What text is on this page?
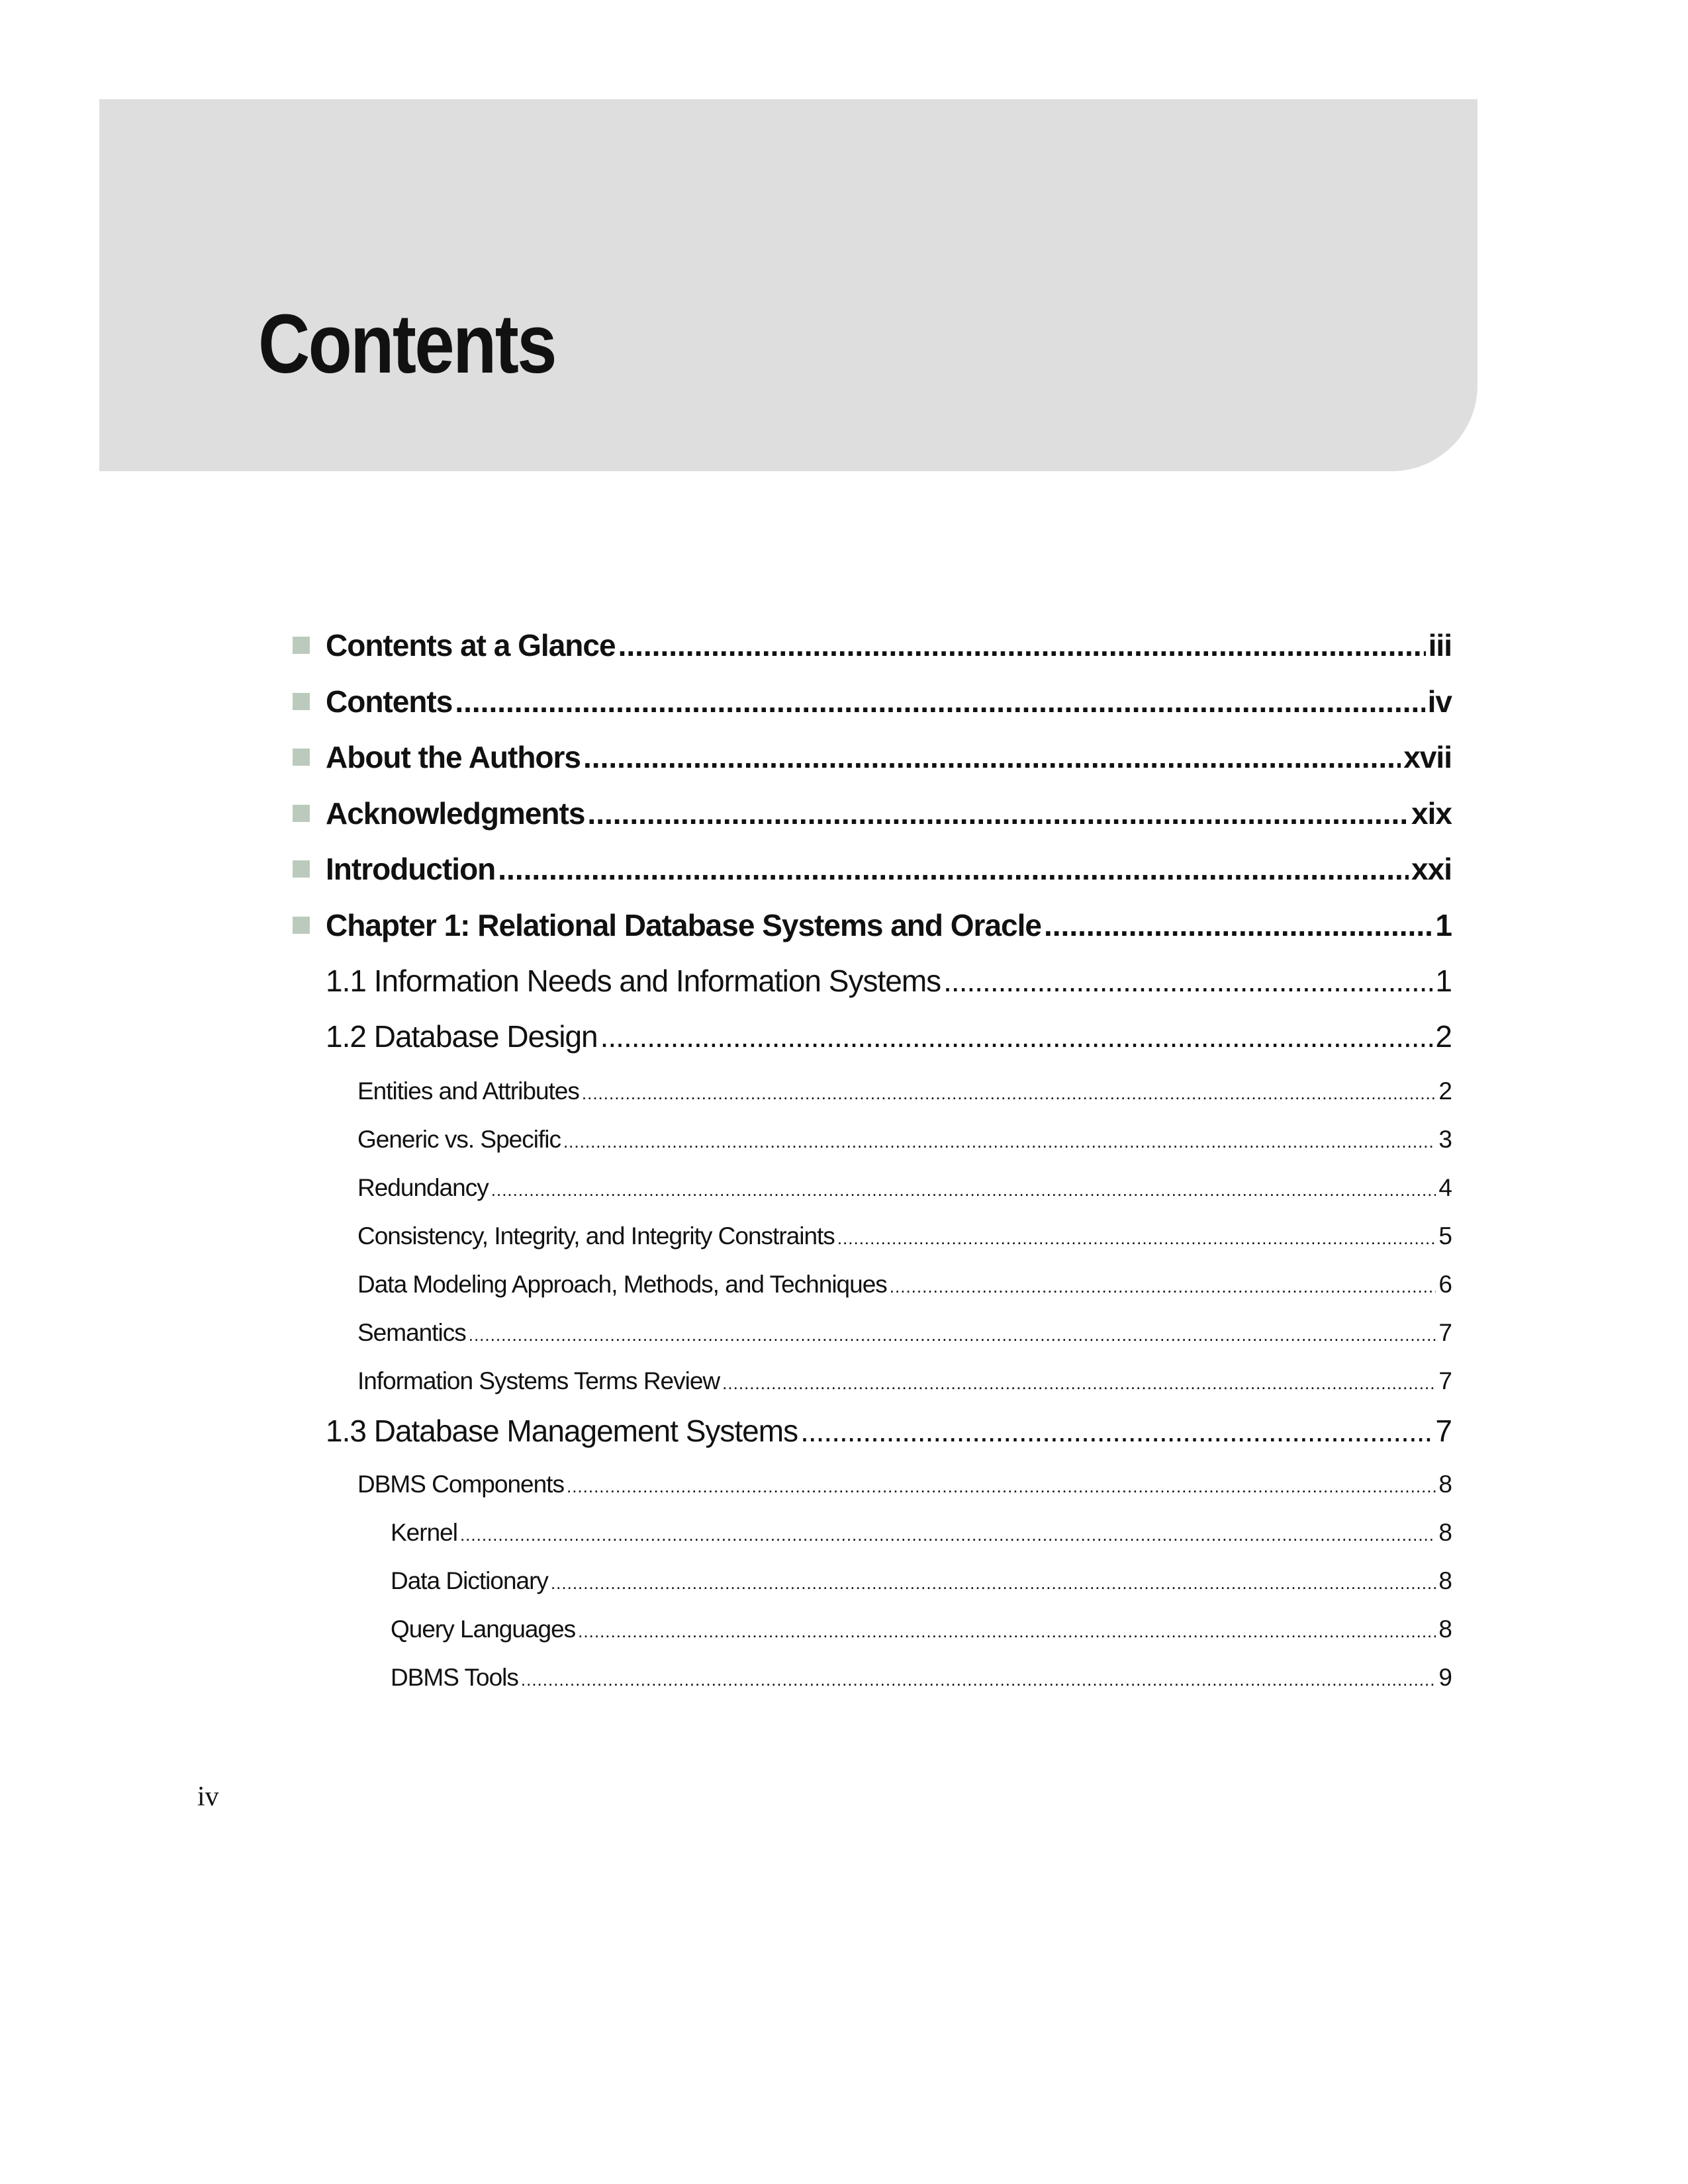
Contents
Contents at a Glance .....	iii
Contents .....	iv
About the Authors .....	xvii
Acknowledgments .....	xix
Introduction .....	xxi
Chapter 1: Relational Database Systems and Oracle .....	1
1.1 Information Needs and Information Systems .....	1
1.2 Database Design .....	2
Entities and Attributes .....	2
Generic vs. Specific .....	3
Redundancy .....	4
Consistency, Integrity, and Integrity Constraints .....	5
Data Modeling Approach, Methods, and Techniques .....	6
Semantics .....	7
Information Systems Terms Review .....	7
1.3 Database Management Systems .....	7
DBMS Components .....	8
Kernel .....	8
Data Dictionary .....	8
Query Languages .....	8
DBMS Tools .....	9
iv
